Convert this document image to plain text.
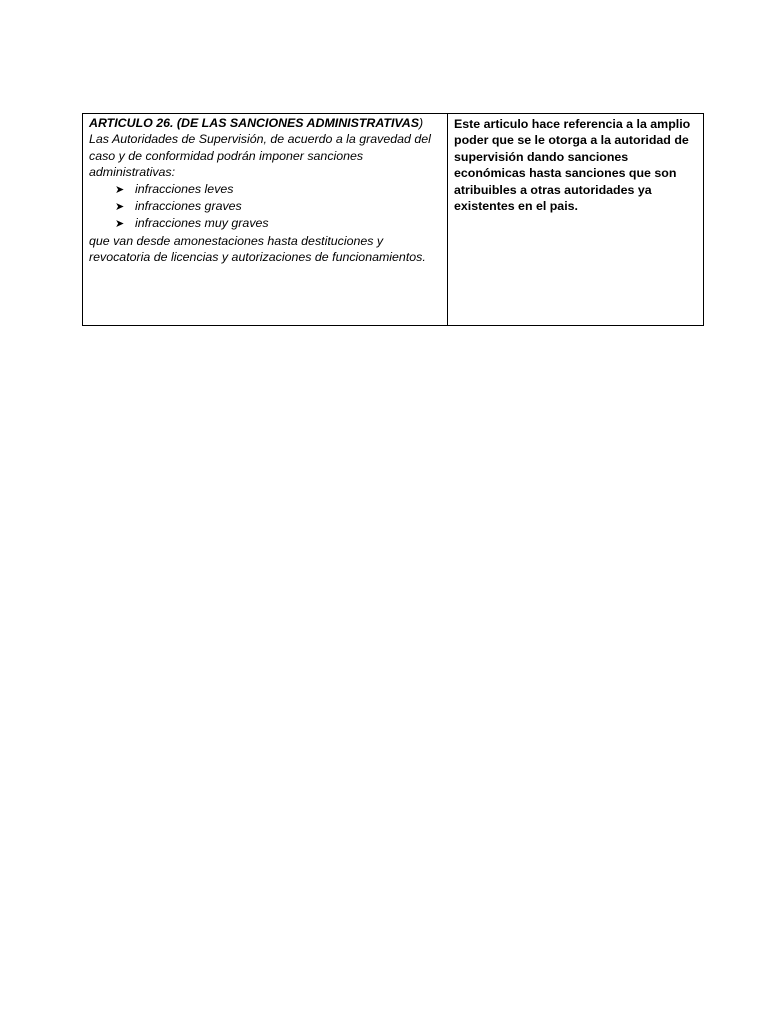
ARTICULO 26. (DE LAS SANCIONES ADMINISTRATIVAS)
Las Autoridades de Supervisión, de acuerdo a la gravedad del caso y de conformidad podrán imponer sanciones administrativas:
➤ infracciones leves
➤ infracciones graves
➤ infracciones muy graves
que van desde amonestaciones hasta destituciones y revocatoria de licencias y autorizaciones de funcionamientos.
Este articulo hace referencia a la amplio poder que se le otorga a la autoridad de supervisión dando sanciones económicas hasta sanciones que son atribuibles a otras autoridades ya existentes en el pais.
